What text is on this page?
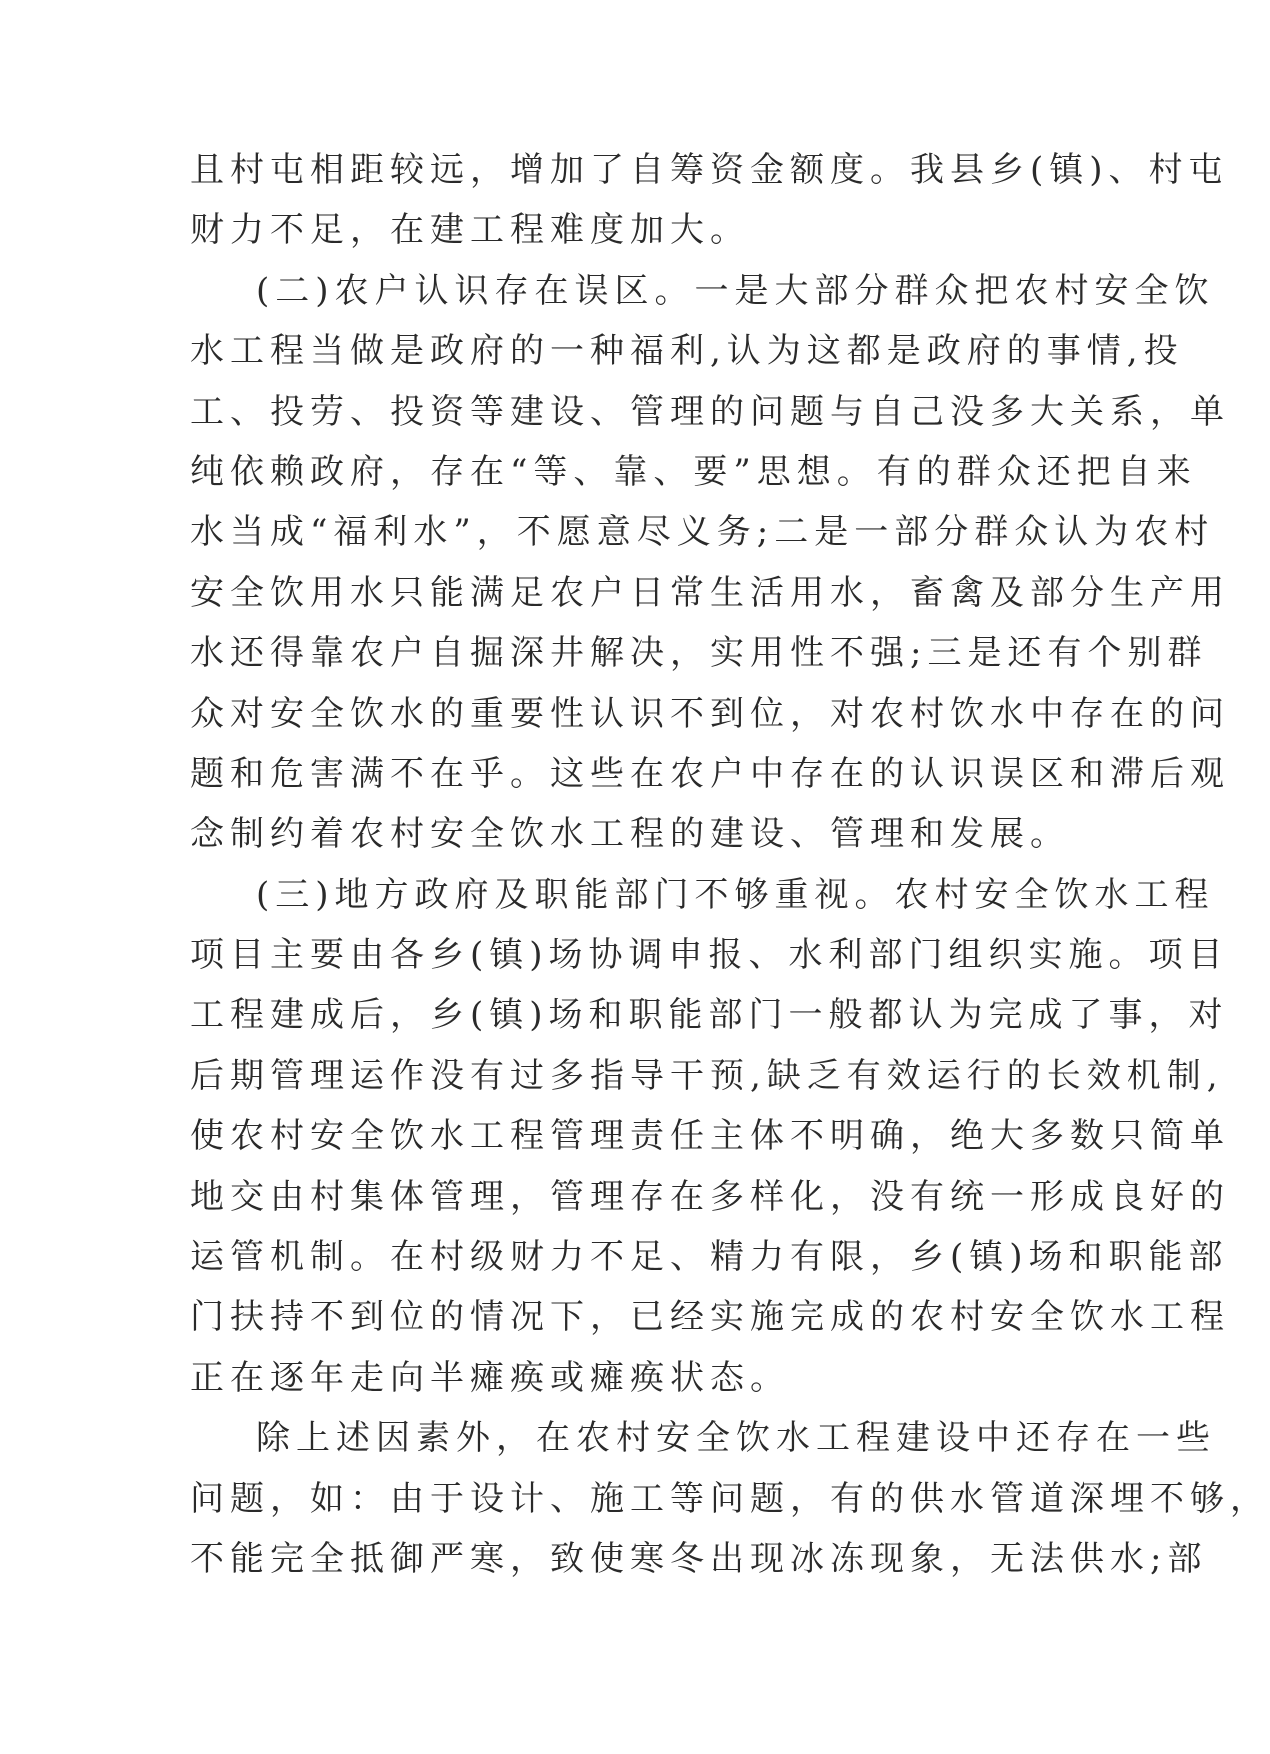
且村屯相距较远，增加了自筹资金额度。我县乡(镇)、村屯
财力不足，在建工程难度加大。
(二)农户认识存在误区。一是大部分群众把农村安全饮
水工程当做是政府的一种福利,认为这都是政府的事情,投
工、投劳、投资等建设、管理的问题与自己没多大关系，单
纯依赖政府，存在“等、靠、要”思想。有的群众还把自来
水当成“福利水”，不愿意尽义务;二是一部分群众认为农村
安全饮用水只能满足农户日常生活用水，畜禽及部分生产用
水还得靠农户自掘深井解决，实用性不强;三是还有个别群
众对安全饮水的重要性认识不到位，对农村饮水中存在的问
题和危害满不在乎。这些在农户中存在的认识误区和滞后观
念制约着农村安全饮水工程的建设、管理和发展。
(三)地方政府及职能部门不够重视。农村安全饮水工程
项目主要由各乡(镇)场协调申报、水利部门组织实施。项目
工程建成后，乡(镇)场和职能部门一般都认为完成了事，对
后期管理运作没有过多指导干预,缺乏有效运行的长效机制,
使农村安全饮水工程管理责任主体不明确，绝大多数只简单
地交由村集体管理，管理存在多样化，没有统一形成良好的
运管机制。在村级财力不足、精力有限，乡(镇)场和职能部
门扶持不到位的情况下，已经实施完成的农村安全饮水工程
正在逐年走向半瘫痪或瘫痪状态。
除上述因素外，在农村安全饮水工程建设中还存在一些
问题，如：由于设计、施工等问题，有的供水管道深埋不够，
不能完全抵御严寒，致使寒冬出现冰冻现象，无法供水;部
